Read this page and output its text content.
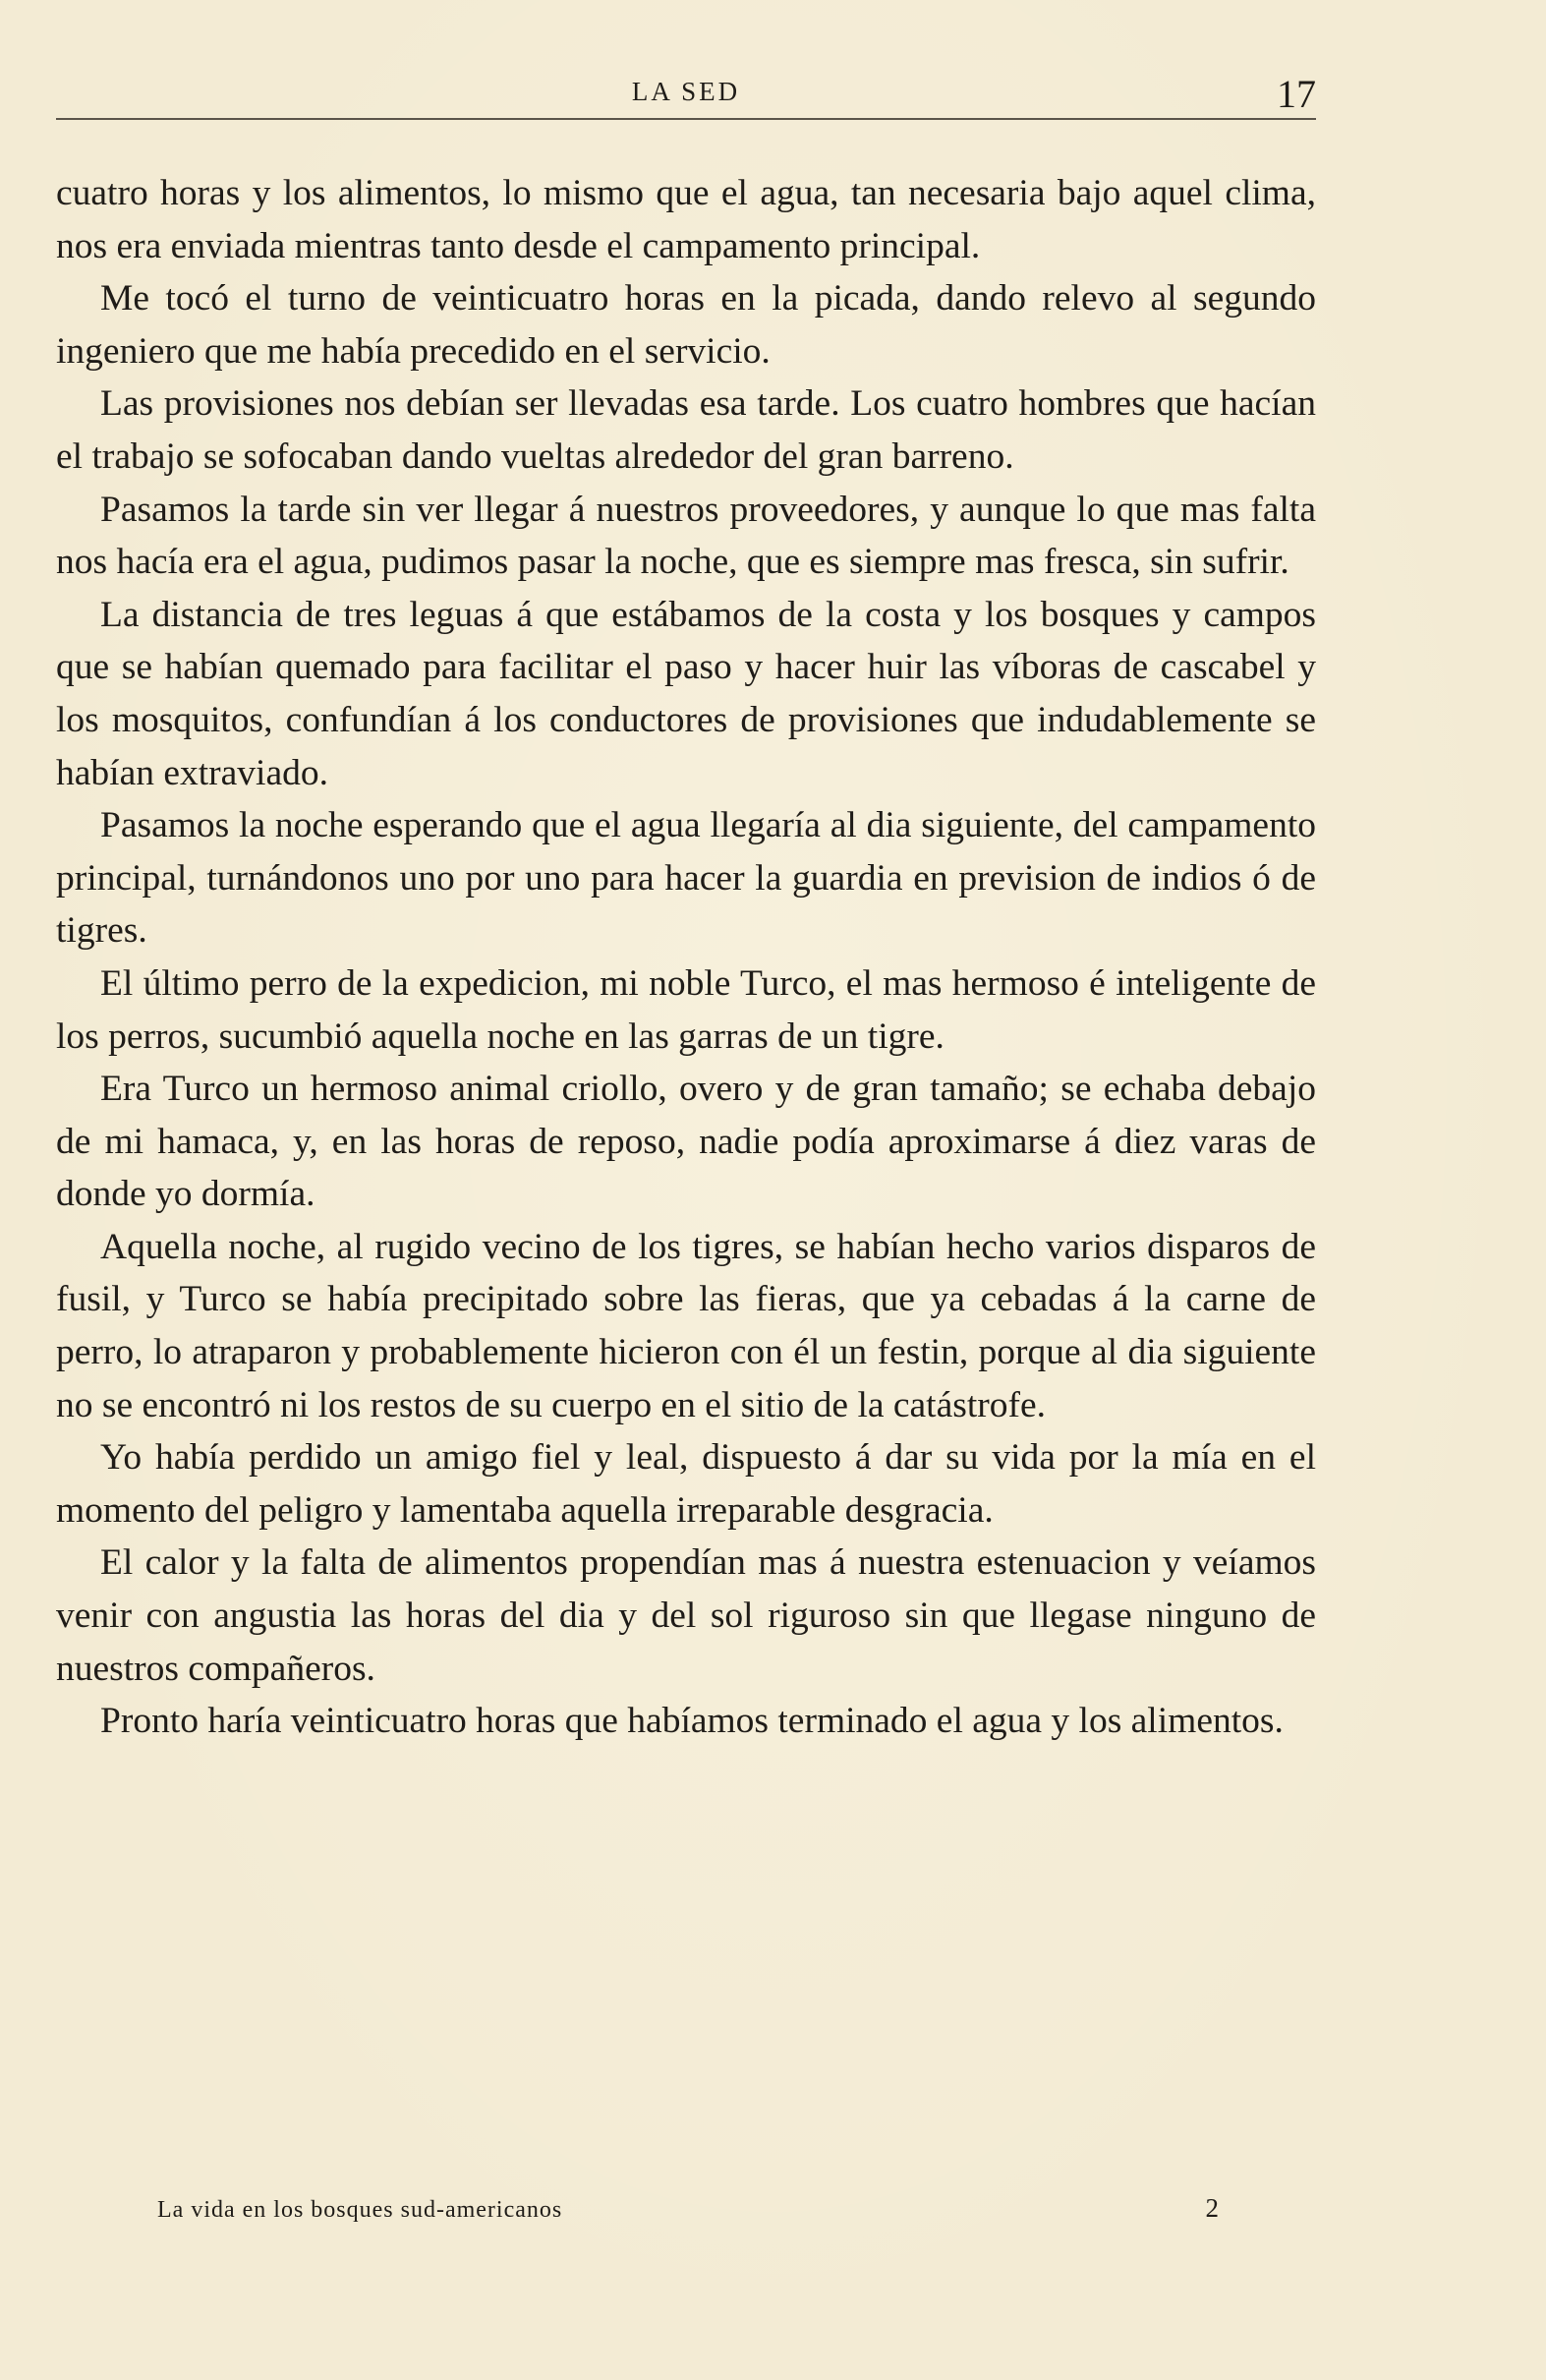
LA SED	17

cuatro horas y los alimentos, lo mismo que el agua, tan necesaria bajo aquel clima, nos era enviada mientras tanto desde el campamento principal.

Me tocó el turno de veinticuatro horas en la picada, dando relevo al segundo ingeniero que me había precedido en el servicio.

Las provisiones nos debían ser llevadas esa tarde. Los cuatro hombres que hacían el trabajo se sofocaban dando vueltas alrededor del gran barreno.

Pasamos la tarde sin ver llegar á nuestros proveedores, y aunque lo que mas falta nos hacía era el agua, pudimos pasar la noche, que es siempre mas fresca, sin sufrir.

La distancia de tres leguas á que estábamos de la costa y los bosques y campos que se habían quemado para facilitar el paso y hacer huir las víboras de cascabel y los mosquitos, confundían á los conductores de provisiones que indudablemente se habían extraviado.

Pasamos la noche esperando que el agua llegaría al dia siguiente, del campamento principal, turnándonos uno por uno para hacer la guardia en prevision de indios ó de tigres.

El último perro de la expedicion, mi noble Turco, el mas hermoso é inteligente de los perros, sucumbió aquella noche en las garras de un tigre.

Era Turco un hermoso animal criollo, overo y de gran tamaño; se echaba debajo de mi hamaca, y, en las horas de reposo, nadie podía aproximarse á diez varas de donde yo dormía.

Aquella noche, al rugido vecino de los tigres, se habían hecho varios disparos de fusil, y Turco se había precipitado sobre las fieras, que ya cebadas á la carne de perro, lo atraparon y probablemente hicieron con él un festin, porque al dia siguiente no se encontró ni los restos de su cuerpo en el sitio de la catástrofe.

Yo había perdido un amigo fiel y leal, dispuesto á dar su vida por la mía en el momento del peligro y lamentaba aquella irreparable desgracia.

El calor y la falta de alimentos propendían mas á nuestra estenuacion y veíamos venir con angustia las horas del dia y del sol riguroso sin que llegase ninguno de nuestros compañeros.

Pronto haría veinticuatro horas que habíamos terminado el agua y los alimentos.

La vida en los bosques sud-americanos	2
